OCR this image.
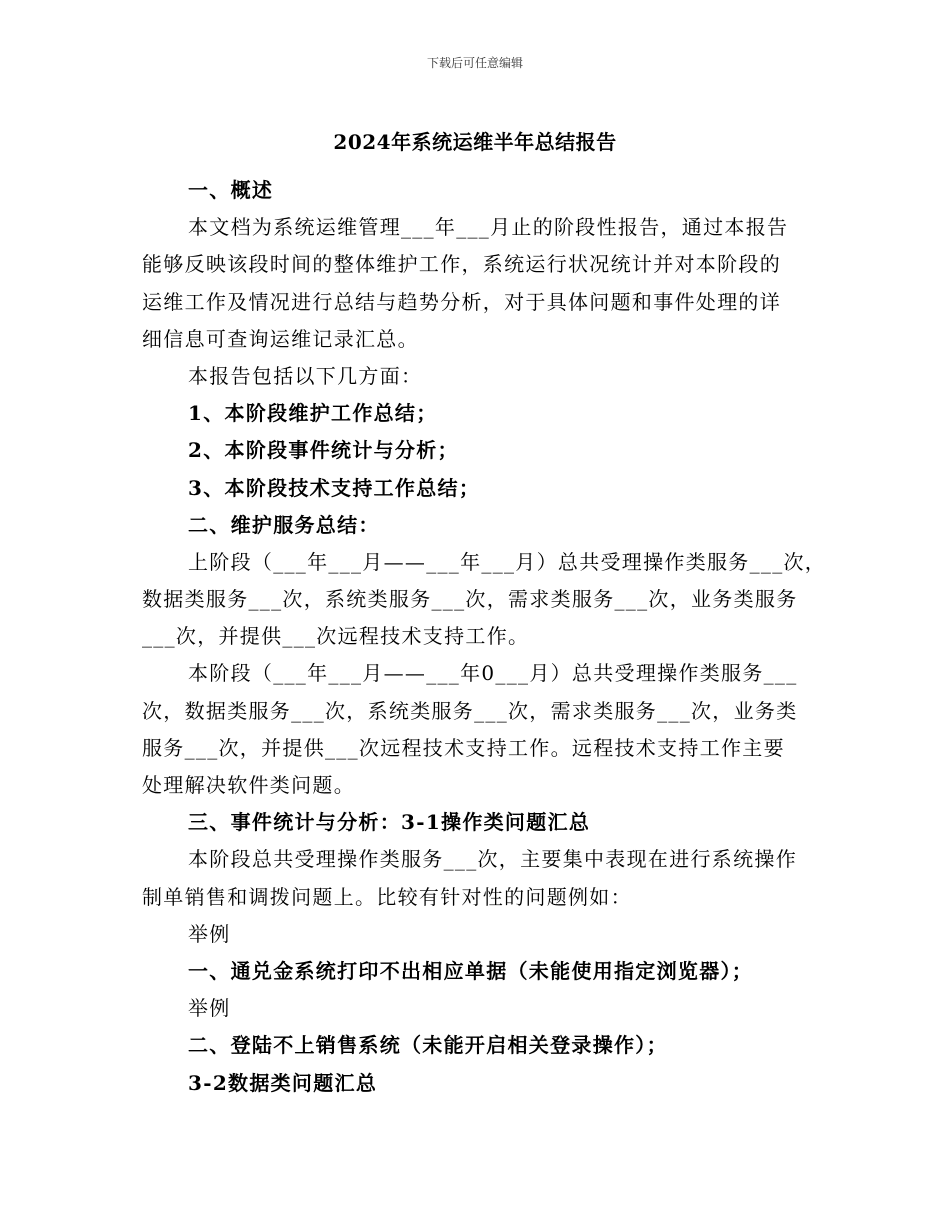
下载后可任意编辑
2024年系统运维半年总结报告
一、概述
本文档为系统运维管理___年___月止的阶段性报告，通过本报告
能够反映该段时间的整体维护工作，系统运行状况统计并对本阶段的
运维工作及情况进行总结与趋势分析，对于具体问题和事件处理的详
细信息可查询运维记录汇总。
本报告包括以下几方面：
1、本阶段维护工作总结；
2、本阶段事件统计与分析；
3、本阶段技术支持工作总结；
二、维护服务总结：
上阶段（___年___月——___年___月）总共受理操作类服务___次，
数据类服务___次，系统类服务___次，需求类服务___次，业务类服务
___次，并提供___次远程技术支持工作。
本阶段（___年___月——___年0___月）总共受理操作类服务___
次，数据类服务___次，系统类服务___次，需求类服务___次，业务类
服务___次，并提供___次远程技术支持工作。远程技术支持工作主要
处理解决软件类问题。
三、事件统计与分析：3-1操作类问题汇总
本阶段总共受理操作类服务___次，主要集中表现在进行系统操作
制单销售和调拨问题上。比较有针对性的问题例如：
举例
一、通兑金系统打印不出相应单据（未能使用指定浏览器）；
举例
二、登陆不上销售系统（未能开启相关登录操作）；
3-2数据类问题汇总
